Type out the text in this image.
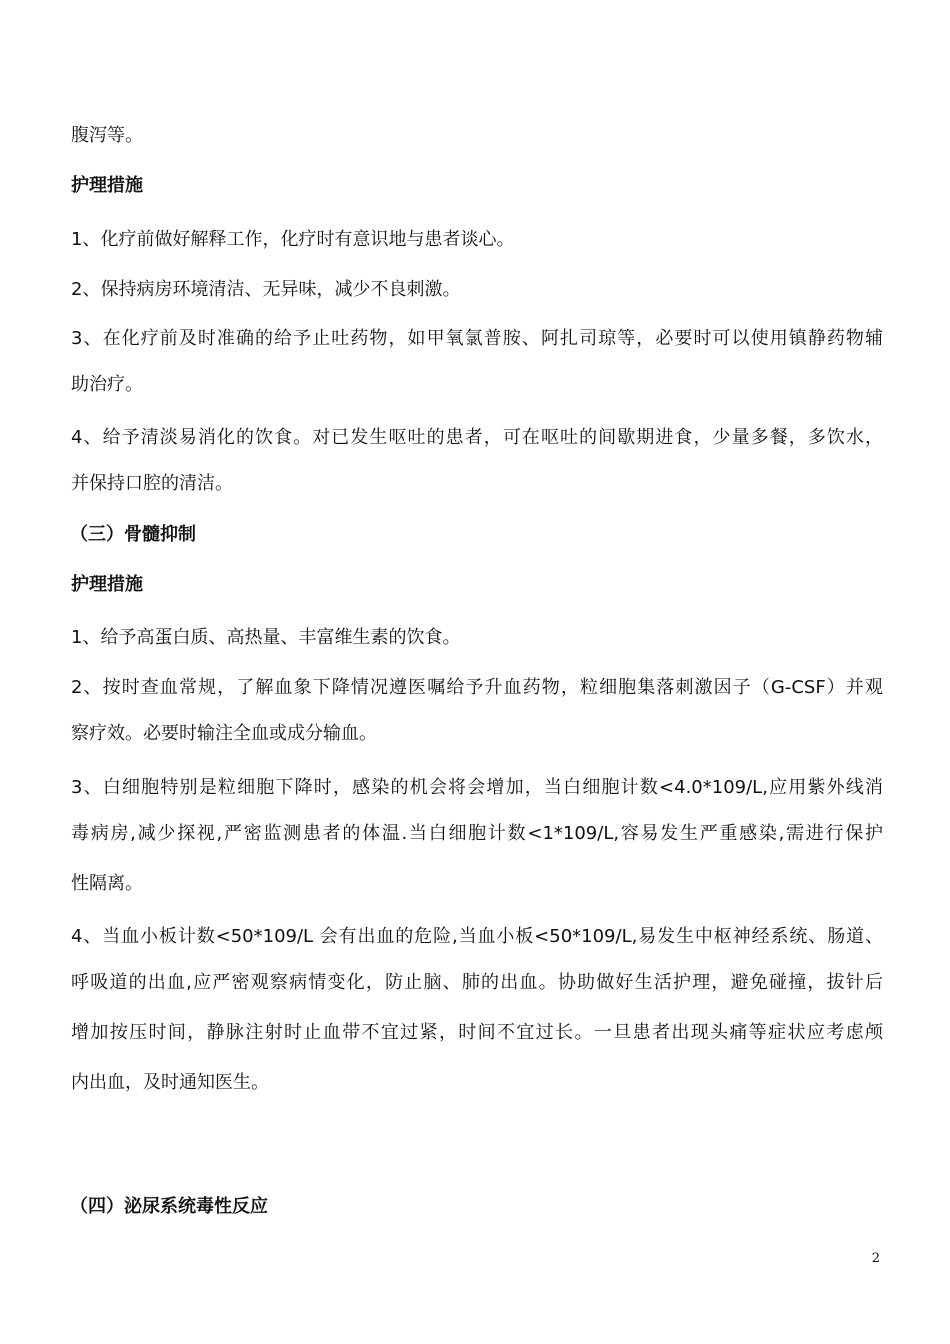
腹泻等。
护理措施
1、化疗前做好解释工作，化疗时有意识地与患者谈心。
2、保持病房环境清洁、无异味，减少不良刺激。
3、在化疗前及时准确的给予止吐药物，如甲氧氯普胺、阿扎司琼等，必要时可以使用镇静药物辅
助治疗。
4、给予清淡易消化的饮食。对已发生呕吐的患者，可在呕吐的间歇期进食，少量多餐，多饮水，
并保持口腔的清洁。
（三）骨髓抑制
护理措施
1、给予高蛋白质、高热量、丰富维生素的饮食。
2、按时查血常规，了解血象下降情况遵医嘱给予升血药物，粒细胞集落刺激因子（G-CSF）并观
察疗效。必要时输注全血或成分输血。
3、白细胞特别是粒细胞下降时，感染的机会将会增加，当白细胞计数<4.0*109/L,应用紫外线消
毒病房,减少探视,严密监测患者的体温.当白细胞计数<1*109/L,容易发生严重感染,需进行保护
性隔离。
4、当血小板计数<50*109/L 会有出血的危险,当血小板<50*109/L,易发生中枢神经系统、肠道、
呼吸道的出血,应严密观察病情变化，防止脑、肺的出血。协助做好生活护理，避免碰撞，拔针后
增加按压时间，静脉注射时止血带不宜过紧，时间不宜过长。一旦患者出现头痛等症状应考虑颅
内出血，及时通知医生。
（四）泌尿系统毒性反应
2
